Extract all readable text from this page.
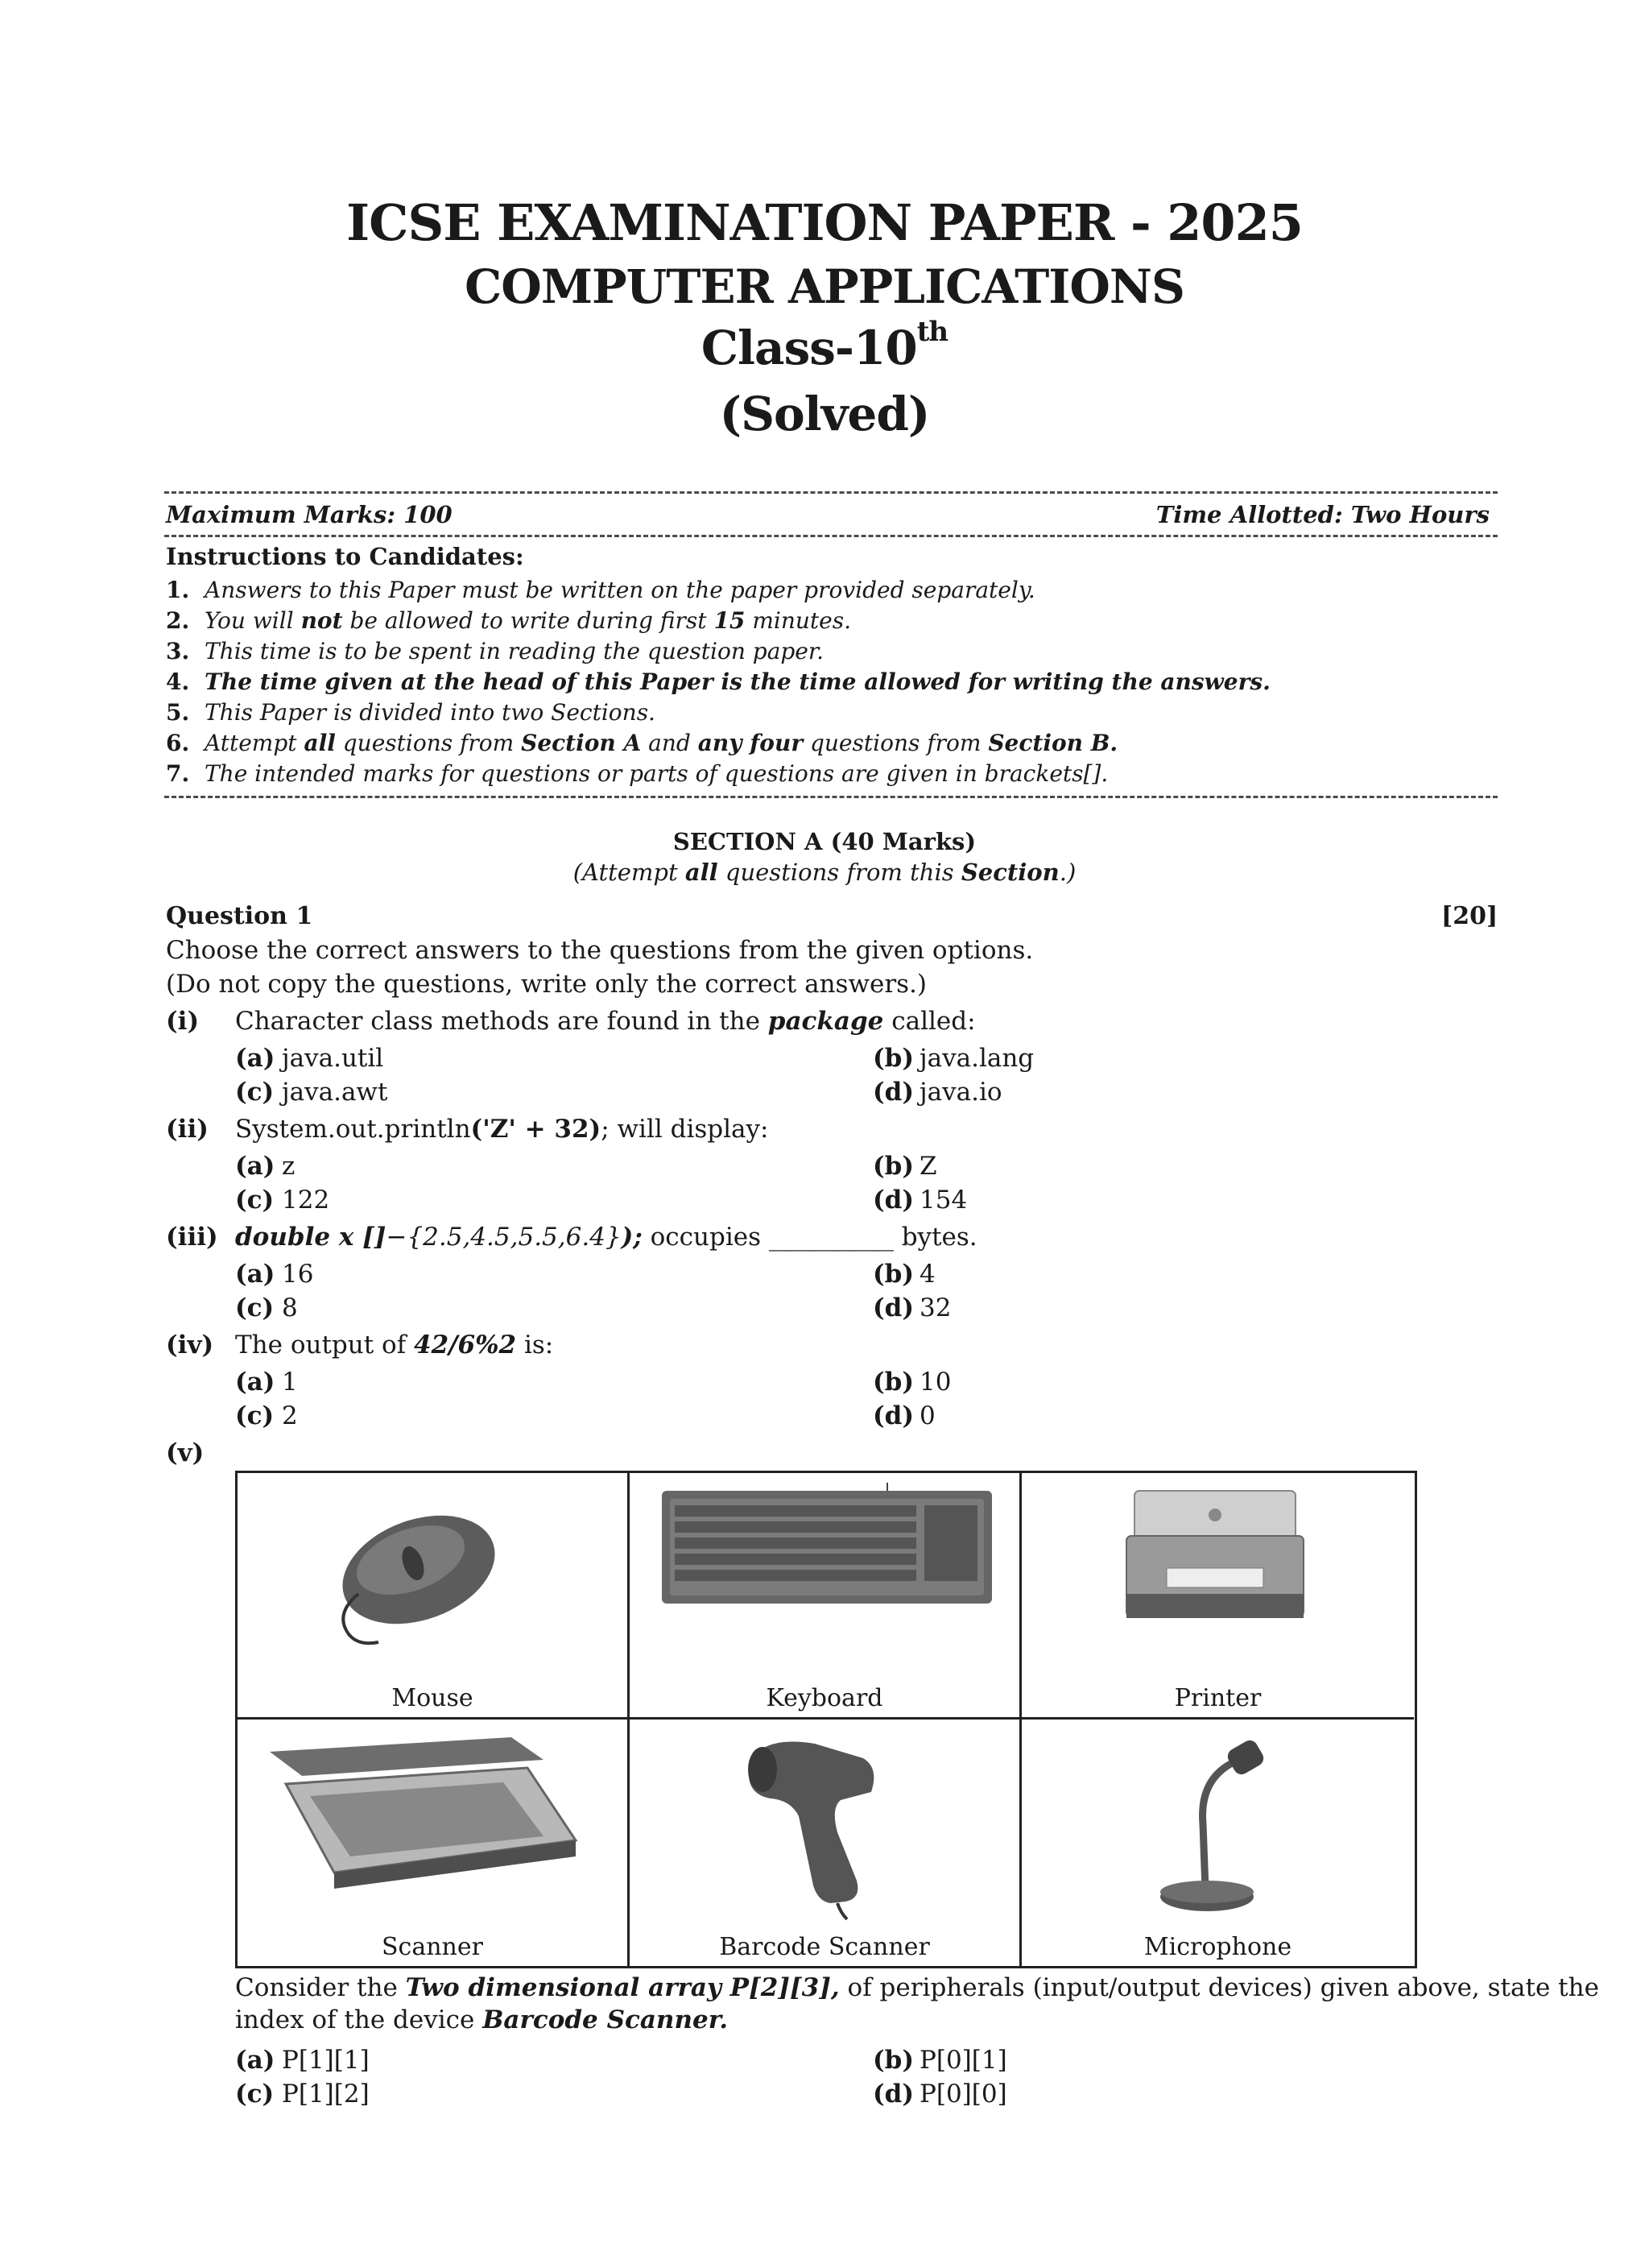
ICSE EXAMINATION PAPER - 2025
COMPUTER APPLICATIONS
Class-10th
(Solved)
Maximum Marks: 100	Time Allotted: Two Hours
Instructions to Candidates:
1. Answers to this Paper must be written on the paper provided separately.
2. You will not be allowed to write during first 15 minutes.
3. This time is to be spent in reading the question paper.
4. The time given at the head of this Paper is the time allowed for writing the answers.
5. This Paper is divided into two Sections.
6. Attempt all questions from Section A and any four questions from Section B.
7. The intended marks for questions or parts of questions are given in brackets[].
SECTION A (40 Marks)
(Attempt all questions from this Section.)
Question 1	[20]
Choose the correct answers to the questions from the given options.
(Do not copy the questions, write only the correct answers.)
(i) Character class methods are found in the package called:
(a) java.util	(b) java.lang
(c) java.awt	(d) java.io
(ii) System.out.println('Z' + 32); will display:
(a) z	(b) Z
(c) 122	(d) 154
(iii) double x []−{2.5,4.5,5.5,6.4}); occupies __________ bytes.
(a) 16	(b) 4
(c) 8	(d) 32
(iv) The output of 42/6%2 is:
(a) 1	(b) 10
(c) 2	(d) 0
(v)
Mouse	Keyboard	Printer
Scanner	Barcode Scanner	Microphone
Consider the Two dimensional array P[2][3], of peripherals (input/output devices) given above, state the
index of the device Barcode Scanner.
(a) P[1][1]	(b) P[0][1]
(c) P[1][2]	(d) P[0][0]
